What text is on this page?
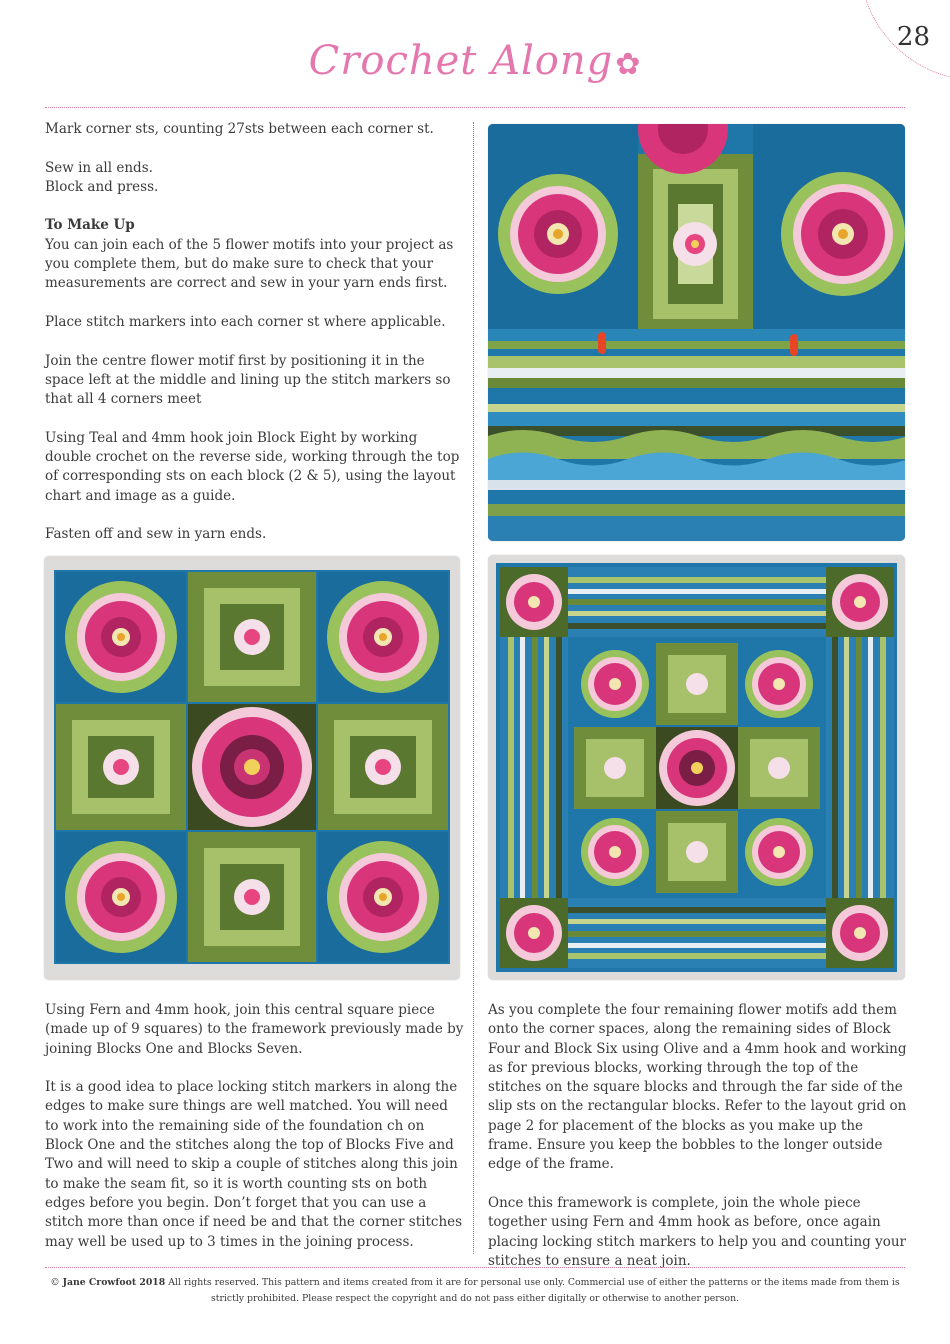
28
Crochet Along✿

Mark corner sts, counting 27sts between each corner st.

Sew in all ends.

Block and press.

To Make Up

You can join each of the 5 flower motifs into your project as you complete them, but do make sure to check that your measurements are correct and sew in your yarn ends first.

Place stitch markers into each corner st where applicable.

Join the centre flower motif first by positioning it in the space left at the middle and lining up the stitch markers so that all 4 corners meet

Using Teal and 4mm hook join Block Eight by working double crochet on the reverse side, working through the top of corresponding sts on each block (2 & 5), using the layout chart and image as a guide.

Fasten off and sew in yarn ends.

Using Fern and 4mm hook, join this central square piece (made up of 9 squares) to the framework previously made by joining Blocks One and Blocks Seven.

It is a good idea to place locking stitch markers in along the edges to make sure things are well matched. You will need to work into the remaining side of the foundation ch on Block One and the stitches along the top of Blocks Five and Two and will need to skip a couple of stitches along this join to make the seam fit, so it is worth counting sts on both edges before you begin. Don’t forget that you can use a stitch more than once if need be and that the corner stitches may well be used up to 3 times in the joining process.

As you complete the four remaining flower motifs add them onto the corner spaces, along the remaining sides of Block Four and Block Six using Olive and a 4mm hook and working as for previous blocks, working through the top of the stitches on the square blocks and through the far side of the slip sts on the rectangular blocks. Refer to the layout grid on page 2 for placement of the blocks as you make up the frame. Ensure you keep the bobbles to the longer outside edge of the frame.

Once this framework is complete, join the whole piece together using Fern and 4mm hook as before, once again placing locking stitch markers to help you and counting your stitches to ensure a neat join.

© Jane Crowfoot 2018 All rights reserved. This pattern and items created from it are for personal use only. Commercial use of either the patterns or the items made from them is strictly prohibited. Please respect the copyright and do not pass either digitally or otherwise to another person.
